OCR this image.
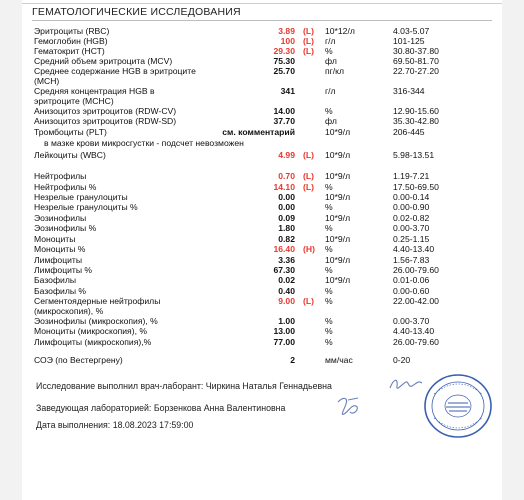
ГЕМАТОЛОГИЧЕСКИЕ ИССЛЕДОВАНИЯ
Эритроциты (RBC)	3.89 (L) 10*12/л	4.03-5.07
Гемоглобин (HGB)	100 (L) г/л	101-125
Гематокрит (НСТ)	29.30 (L) %	30.80-37.80
Средний объем эритроцита (MCV)	75.30	фл	69.50-81.70
Среднее содержание HGB в эритроците
(MCH)
25.70	пг/кл	22.70-27.20
Средняя концентрация HGB в
эритроците (MCHC)
341	г/л	316-344
Анизоцитоз эритроцитов (RDW-CV)	14.00	%	12.90-15.60
Анизоцитоз эритроцитов (RDW-SD)	37.70	фл	35.30-42.80
Тромбоциты (PLT)	см. комментарий	10*9/л	206-445
в мазке крови микросгустки - подсчет невозможен
Лейкоциты (WBC)	4.99 (L) 10*9/л	5.98-13.51
Нейтрофилы	0.70 (L) 10*9/л	1.19-7.21
Нейтрофилы %	14.10 (L) %	17.50-69.50
Незрелые гранулоциты	0.00	10*9/л	0.00-0.14
Незрелые гранулоциты %	0.00	%	0.00-0.90
Эозинофилы	0.09	10*9/л	0.02-0.82
Эозинофилы %	1.80	%	0.00-3.70
Моноциты	0.82	10*9/л	0.25-1.15
Моноциты %	16.40 (H) %	4.40-13.40
Лимфоциты	3.36	10*9/л	1.56-7.83
Лимфоциты %	67.30	%	26.00-79.60
Базофилы	0.02	10*9/л	0.01-0.06
Базофилы %	0.40	%	0.00-0.60
Сегментоядерные нейтрофилы
(микроскопия), %
9.00 (L) %	22.00-42.00
Эозинофилы (микроскопия), %	1.00	%	0.00-3.70
Моноциты (микроскопия), %	13.00	%	4.40-13.40
Лимфоциты (микроскопия),%	77.00	%	26.00-79.60
СОЭ (по Вестергрену)	2	мм/час	0-20
Исследование выполнил врач-лаборант: Чиркина Наталья Геннадьевна
Заведующая лабораторией: Борзенкова Анна Валентиновна
Дата выполнения: 18.08.2023 17:59:00
